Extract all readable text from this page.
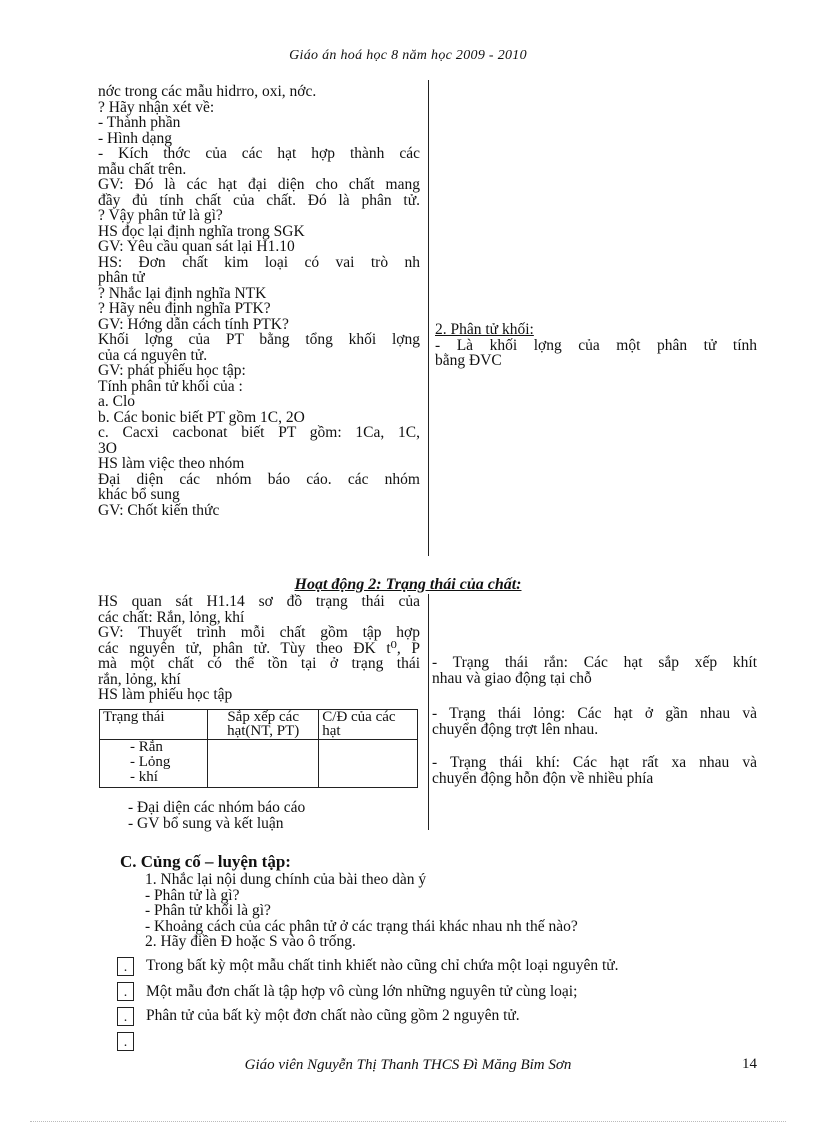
Giáo án hoá học 8 năm học 2009 - 2010
nớc trong các mẫu hidrro, oxi, nớc.
? Hãy nhận xét về:
- Thành phần
- Hình dạng
- Kích thớc của các hạt hợp thành các
mẫu chất trên.
GV: Đó là các hạt đại diện cho chất mang
đầy đủ tính chất của chất. Đó là phân tử.
? Vậy phân tử là gì?
HS đọc lại định nghĩa trong SGK
GV: Yêu cầu quan sát lại H1.10
HS: Đơn chất kim loại có vai trò nh
phân tử
? Nhắc lại định nghĩa NTK
? Hãy nêu định nghĩa PTK?
GV: Hớng dẫn cách tính PTK?
Khối lợng của PT bằng tổng khối lợng
của cá nguyên tử.
GV: phát phiếu học tập:
Tính phân tử khối của :
a. Clo
b. Các bonic biết PT gồm 1C, 2O
c. Cacxi cacbonat biết PT gồm: 1Ca, 1C,
3O
HS làm việc theo nhóm
Đại diện các nhóm báo cáo. các nhóm
khác bổ sung
GV: Chốt kiến thức
2. Phân tử khối:
- Là khối lợng của một phân tử tính
bằng ĐVC
Hoạt động 2: Trạng thái của chất:
HS quan sát H1.14 sơ đồ trạng thái của
các chất: Rắn, lỏng, khí
GV: Thuyết trình mỗi chất gồm tập hợp
các nguyên tử, phân tử. Tùy theo ĐK t⁰, P
mà một chất có thể tồn tại ở trạng thái
rắn, lỏng, khí
HS làm phiếu học tập
Trạng thái	Sắp xếp các hạt(NT, PT)	C/Đ của các hạt

- Rắn
- Lỏng
- khí		

- Đại diện các nhóm báo cáo
- GV bổ sung và kết luận
- Trạng thái rắn: Các hạt sắp xếp khít
nhau và giao động tại chỗ
- Trạng thái lỏng: Các hạt ở gần nhau và
chuyển động trợt lên nhau.
- Trạng thái khí: Các hạt rất xa nhau và
chuyển động hỗn độn về nhiều phía
C. Củng cố – luyện tập:
1. Nhắc lại nội dung chính của bài theo dàn ý
- Phân tử là gì?
- Phân tử khối là gì?
- Khoảng cách của các phân tử ở các trạng thái khác nhau nh thế nào?
2. Hãy điền Đ hoặc S vào ô trống.
.
.
.
.
Trong bất kỳ một mẫu chất tinh khiết nào cũng chỉ chứa một loại nguyên tử.
Một mẫu đơn chất là tập hợp vô cùng lớn những nguyên tử cùng loại;
Phân tử của bất kỳ một đơn chất nào cũng gồm 2 nguyên tử.
Giáo viên Nguyễn Thị Thanh THCS Đì Măng Bỉm Sơn	14
